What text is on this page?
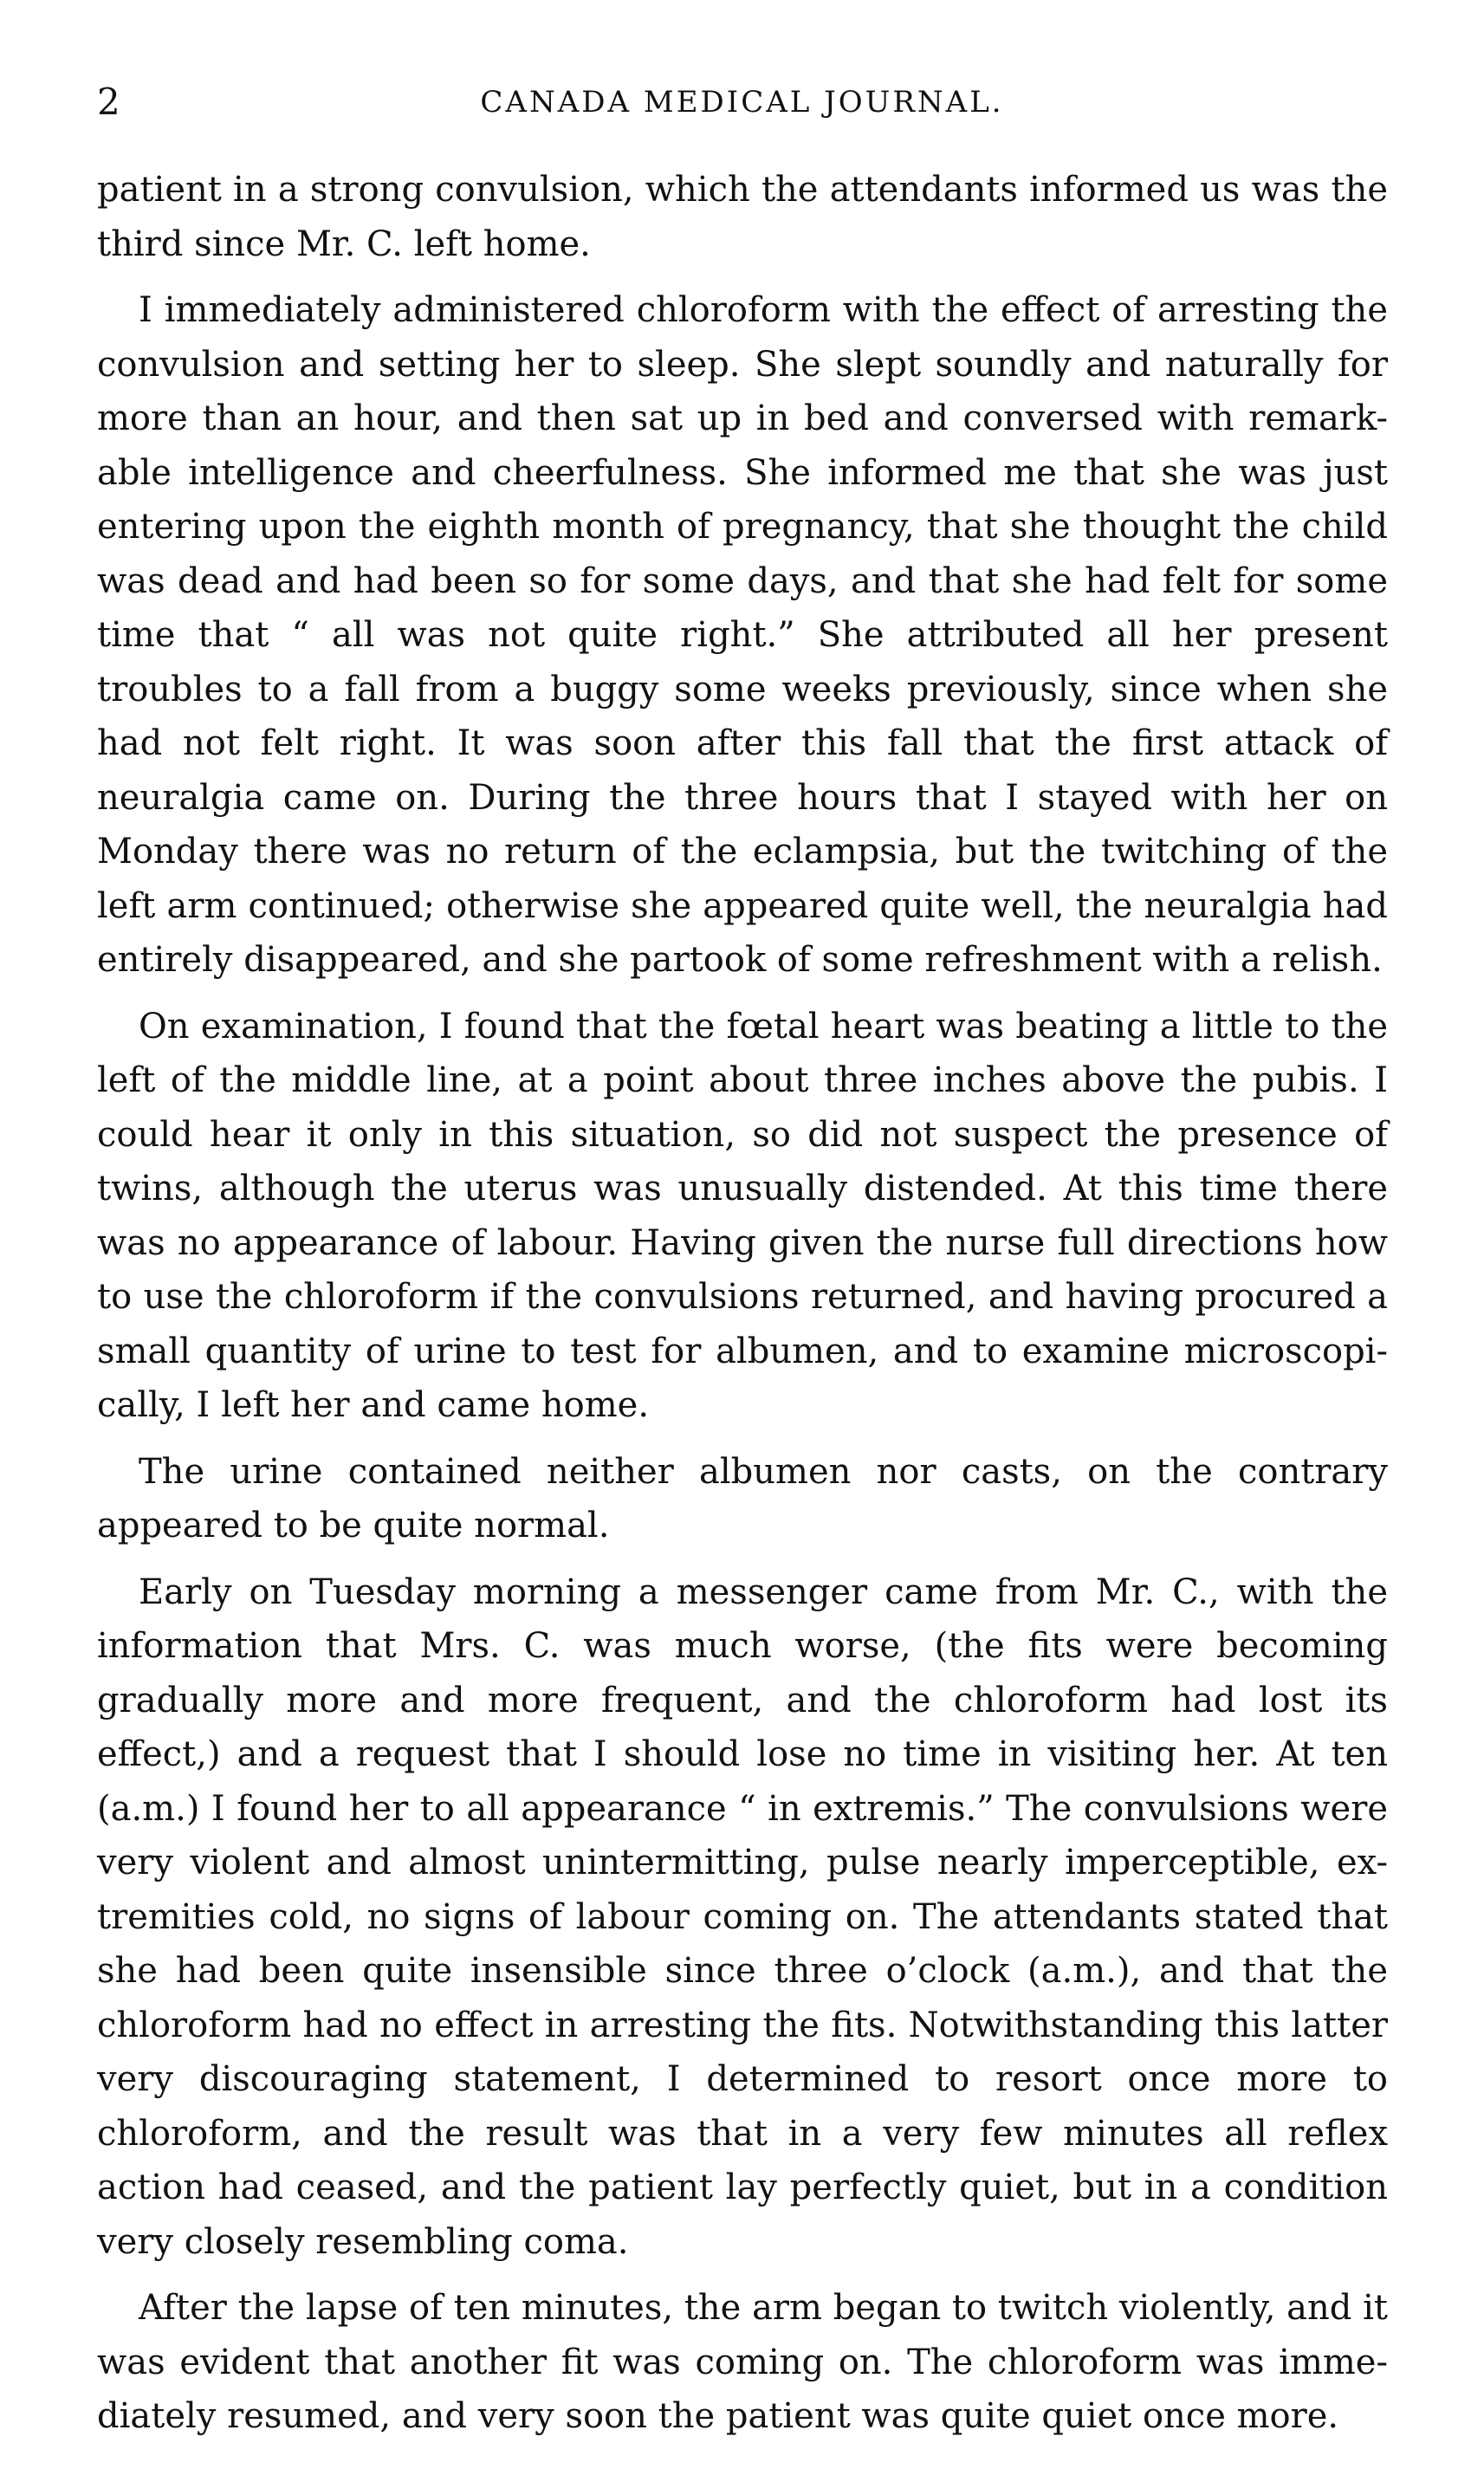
2	CANADA MEDICAL JOURNAL.

patient in a strong convulsion, which the attendants informed us was the third since Mr. C. left home.

I immediately administered chloroform with the effect of arresting the convulsion and setting her to sleep. She slept soundly and naturally for more than an hour, and then sat up in bed and conversed with remark-able intelligence and cheerfulness. She informed me that she was just entering upon the eighth month of pregnancy, that she thought the child was dead and had been so for some days, and that she had felt for some time that “ all was not quite right.” She attributed all her present troubles to a fall from a buggy some weeks previously, since when she had not felt right. It was soon after this fall that the first attack of neuralgia came on. During the three hours that I stayed with her on Monday there was no return of the eclampsia, but the twitching of the left arm continued; otherwise she appeared quite well, the neuralgia had entirely disappeared, and she partook of some refreshment with a relish.

On examination, I found that the fœtal heart was beating a little to the left of the middle line, at a point about three inches above the pubis. I could hear it only in this situation, so did not suspect the presence of twins, although the uterus was unusually distended. At this time there was no appearance of labour. Having given the nurse full directions how to use the chloroform if the convulsions returned, and having procured a small quantity of urine to test for albumen, and to examine microscopi-cally, I left her and came home.

The urine contained neither albumen nor casts, on the contrary appeared to be quite normal.

Early on Tuesday morning a messenger came from Mr. C., with the information that Mrs. C. was much worse, (the fits were becoming gradually more and more frequent, and the chloroform had lost its effect,) and a request that I should lose no time in visiting her. At ten (a.m.) I found her to all appearance “ in extremis.” The convulsions were very violent and almost unintermitting, pulse nearly imperceptible, ex-tremities cold, no signs of labour coming on. The attendants stated that she had been quite insensible since three o’clock (a.m.), and that the chloroform had no effect in arresting the fits. Notwithstanding this latter very discouraging statement, I determined to resort once more to chloroform, and the result was that in a very few minutes all reflex action had ceased, and the patient lay perfectly quiet, but in a condition very closely resembling coma.

After the lapse of ten minutes, the arm began to twitch violently, and it was evident that another fit was coming on. The chloroform was imme-diately resumed, and very soon the patient was quite quiet once more.
